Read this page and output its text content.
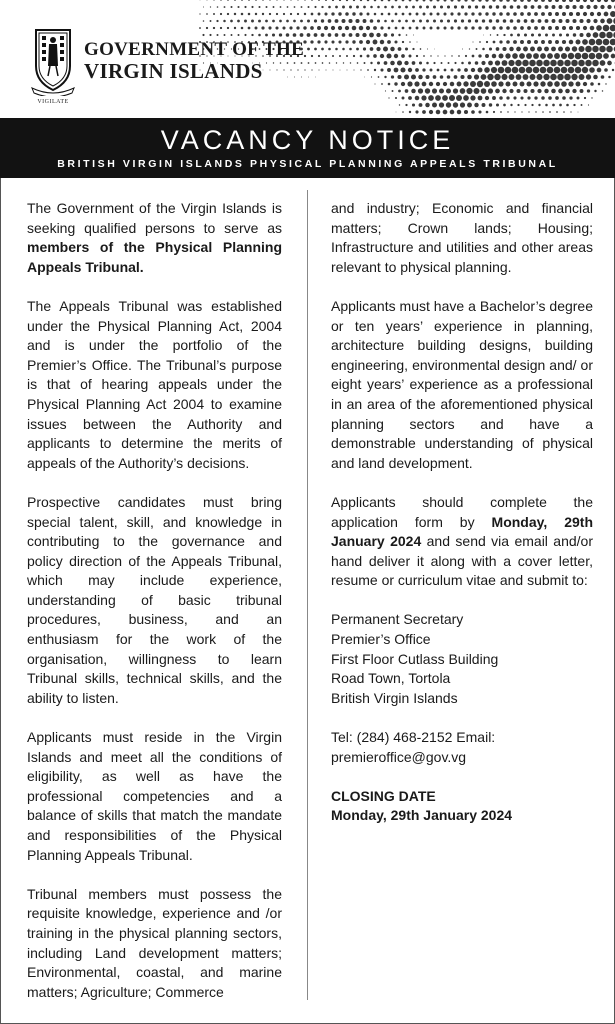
GOVERNMENT OF THE
VIRGIN ISLANDS
VIGILATE
VACANCY NOTICE
BRITISH VIRGIN ISLANDS PHYSICAL PLANNING APPEALS TRIBUNAL

The Government of the Virgin Islands is seeking qualified persons to serve as members of the Physical Planning Appeals Tribunal.

The Appeals Tribunal was established under the Physical Planning Act, 2004 and is under the portfolio of the Premier’s Office. The Tribunal’s purpose is that of hearing appeals under the Physical Planning Act 2004 to examine issues between the Authority and applicants to determine the merits of appeals of the Authority’s decisions.

Prospective candidates must bring special talent, skill, and knowledge in contributing to the governance and policy direction of the Appeals Tribunal, which may include experience, understanding of basic tribunal procedures, business, and an enthusiasm for the work of the organisation, willingness to learn Tribunal skills, technical skills, and the ability to listen.

Applicants must reside in the Virgin Islands and meet all the conditions of eligibility, as well as have the professional competencies and a balance of skills that match the mandate and responsibilities of the Physical Planning Appeals Tribunal.

Tribunal members must possess the requisite knowledge, experience and /or training in the physical planning sectors, including Land development matters; Environmental, coastal, and marine matters; Agriculture; Commerce

and industry; Economic and financial matters; Crown lands; Housing; Infrastructure and utilities and other areas relevant to physical planning.

Applicants must have a Bachelor’s degree or ten years’ experience in planning, architecture building designs, building engineering, environmental design and/ or eight years’ experience as a professional in an area of the aforementioned physical planning sectors and have a demonstrable understanding of physical and land development.

Applicants should complete the application form by Monday, 29th January 2024 and send via email and/or hand deliver it along with a cover letter, resume or curriculum vitae and submit to:

Permanent Secretary
Premier’s Office
First Floor Cutlass Building
Road Town, Tortola
British Virgin Islands

Tel: (284) 468-2152 Email:
premieroffice@gov.vg

CLOSING DATE
Monday, 29th January 2024
